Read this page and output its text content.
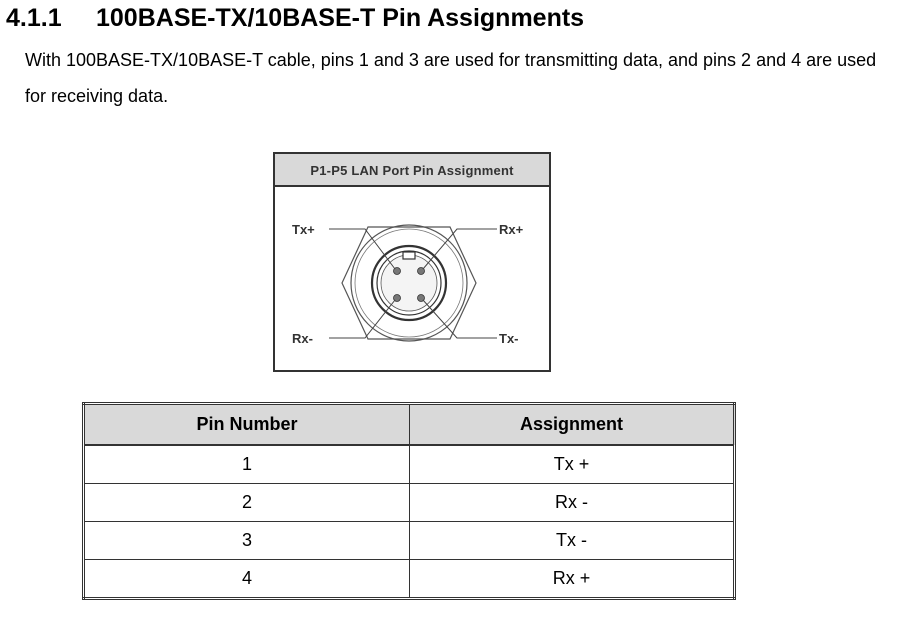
4.1.1 100BASE-TX/10BASE-T Pin Assignments

With 100BASE-TX/10BASE-T cable, pins 1 and 3 are used for transmitting data, and pins 2 and 4 are used for receiving data.

P1-P5 LAN Port Pin Assignment
Tx+	Rx+
Rx-	Tx-
Pin Number	Assignment
1	Tx +
2	Rx -
3	Tx -
4	Rx +
